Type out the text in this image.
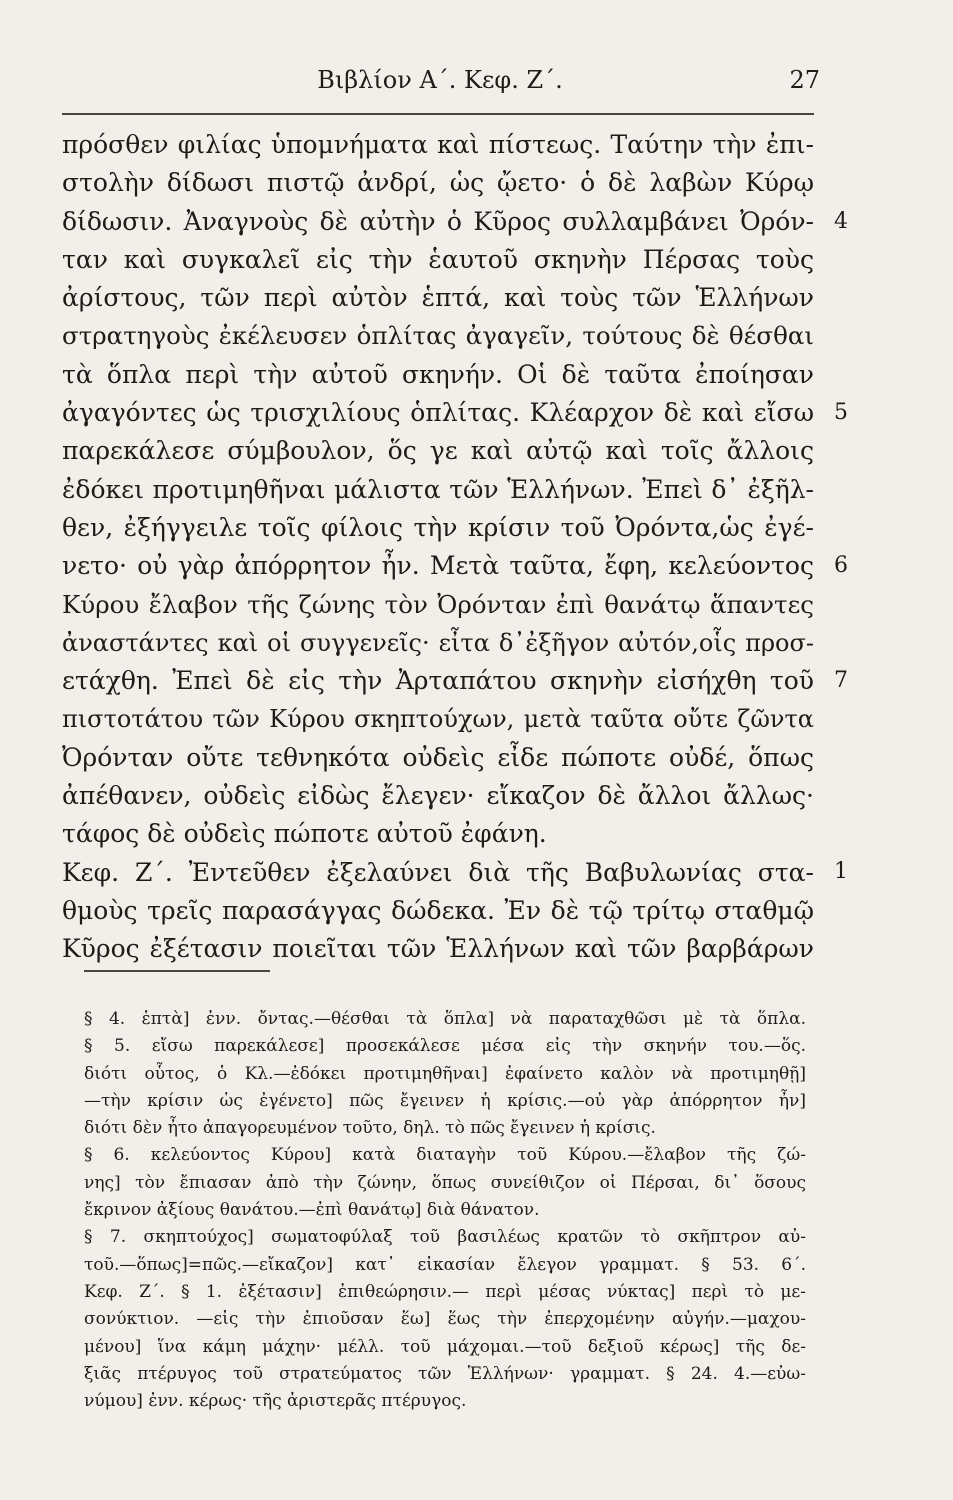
Βιβλίον Α΄. Κεφ. Ζ΄.	27
πρόσθεν φιλίας ὑπομνήματα καὶ πίστεως. Ταύτην τὴν ἐπι-
στολὴν δίδωσι πιστῷ ἀνδρί, ὡς ᾤετο· ὁ δὲ λαβὼν Κύρῳ
δίδωσιν. Ἀναγνοὺς δὲ αὐτὴν ὁ Κῦρος συλλαμβάνει Ὀρόν-
ταν καὶ συγκαλεῖ εἰς τὴν ἑαυτοῦ σκηνὴν Πέρσας τοὺς
ἀρίστους, τῶν περὶ αὐτὸν ἑπτά, καὶ τοὺς τῶν Ἑλλήνων
στρατηγοὺς ἐκέλευσεν ὁπλίτας ἀγαγεῖν, τούτους δὲ θέσθαι
τὰ ὅπλα περὶ τὴν αὐτοῦ σκηνήν. Οἱ δὲ ταῦτα ἐποίησαν
ἀγαγόντες ὡς τρισχιλίους ὁπλίτας. Κλέαρχον δὲ καὶ εἴσω
παρεκάλεσε σύμβουλον, ὅς γε καὶ αὐτῷ καὶ τοῖς ἄλλοις
ἐδόκει προτιμηθῆναι μάλιστα τῶν Ἑλλήνων. Ἐπεὶ δ᾽ ἐξῆλ-
θεν, ἐξήγγειλε τοῖς φίλοις τὴν κρίσιν τοῦ Ὀρόντα,ὡς ἐγέ-
νετο· οὐ γὰρ ἀπόρρητον ἦν. Μετὰ ταῦτα, ἔφη, κελεύοντος
Κύρου ἔλαβον τῆς ζώνης τὸν Ὀρόνταν ἐπὶ θανάτῳ ἅπαντες
ἀναστάντες καὶ οἱ συγγενεῖς· εἶτα δ᾽ἐξῆγον αὐτόν,οἷς προσ-
ετάχθη. Ἐπεὶ δὲ εἰς τὴν Ἀρταπάτου σκηνὴν εἰσήχθη τοῦ
πιστοτάτου τῶν Κύρου σκηπτούχων, μετὰ ταῦτα οὔτε ζῶντα
Ὀρόνταν οὔτε τεθνηκότα οὐδεὶς εἶδε πώποτε οὐδέ, ὅπως
ἀπέθανεν, οὐδεὶς εἰδὼς ἔλεγεν· εἴκαζον δὲ ἄλλοι ἄλλως·
τάφος δὲ οὐδεὶς πώποτε αὐτοῦ ἐφάνη.
Κεφ. Ζ΄. Ἐντεῦθεν ἐξελαύνει διὰ τῆς Βαβυλωνίας στα-
θμοὺς τρεῖς παρασάγγας δώδεκα. Ἐν δὲ τῷ τρίτῳ σταθμῷ
Κῦρος ἐξέτασιν ποιεῖται τῶν Ἑλλήνων καὶ τῶν βαρβάρων
4
5
6
7
1
§ 4. ἑπτὰ] ἐνν. ὄντας.—θέσθαι τὰ ὅπλα] νὰ παραταχθῶσι μὲ τὰ ὅπλα.
§ 5. εἴσω παρεκάλεσε] προσεκάλεσε μέσα εἰς τὴν σκηνήν του.—ὅς.
διότι οὗτος, ὁ Κλ.—ἐδόκει προτιμηθῆναι] ἐφαίνετο καλὸν νὰ προτιμηθῇ]
—τὴν κρίσιν ὡς ἐγένετο] πῶς ἔγεινεν ἡ κρίσις.—οὐ γὰρ ἀπόρρητον ἦν]
διότι δὲν ἦτο ἀπαγορευμένον τοῦτο, δηλ. τὸ πῶς ἔγεινεν ἡ κρίσις.
§ 6. κελεύοντος Κύρου] κατὰ διαταγὴν τοῦ Κύρου.—ἔλαβον τῆς ζώ-
νης] τὸν ἔπιασαν ἀπὸ τὴν ζώνην, ὅπως συνείθιζον οἱ Πέρσαι, δι᾽ ὅσους
ἔκρινον ἀξίους θανάτου.—ἐπὶ θανάτῳ] διὰ θάνατον.
§ 7. σκηπτούχος] σωματοφύλαξ τοῦ βασιλέως κρατῶν τὸ σκῆπτρον αὐ-
τοῦ.—ὅπως]=πῶς.—εἴκαζον] κατ᾽ εἰκασίαν ἔλεγον γραμματ. § 53. 6΄.
Κεφ. Ζ΄. § 1. ἐξέτασιν] ἐπιθεώρησιν.— περὶ μέσας νύκτας] περὶ τὸ με-
σονύκτιον. —εἰς τὴν ἐπιοῦσαν ἕω] ἕως τὴν ἐπερχομένην αὐγήν.—μαχου-
μένου] ἵνα κάμη μάχην· μέλλ. τοῦ μάχομαι.—τοῦ δεξιοῦ κέρως] τῆς δε-
ξιᾶς πτέρυγος τοῦ στρατεύματος τῶν Ἑλλήνων· γραμματ. § 24. 4.—εὐω-
νύμου] ἐνν. κέρως· τῆς ἀριστερᾶς πτέρυγος.
